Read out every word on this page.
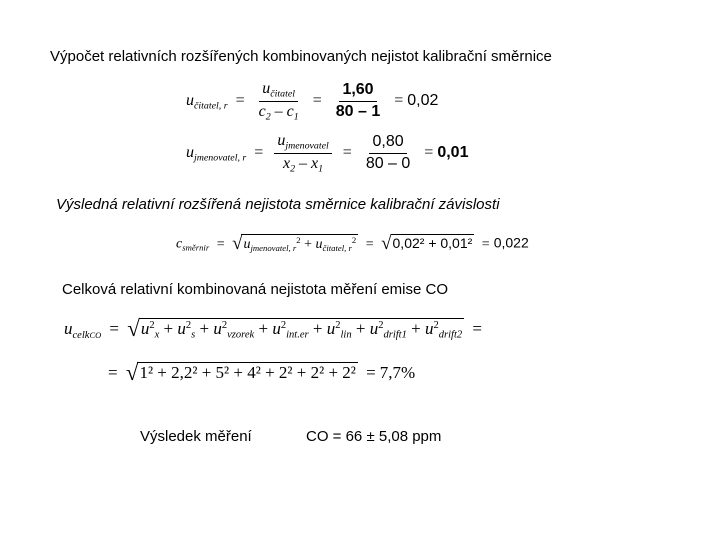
Výpočet relativních rozšířených kombinovaných nejistot kalibrační směrnice
$u_{čitatel, r} = \frac{u_{čitatel}}{c_2 - c_1} = \frac{1,60}{80 - 1} = 0,02$
$u_{jmenovatel, r} = \frac{u_{jmenovatel}}{x_2 - x_1} = \frac{0,80}{80 - 0} = 0,01$
Výsledná relativní rozšířená nejistota směrnice kalibrační závislosti
$c_{směrnir} = √u_{jmenovatel, r}^2 + u_{čitatel, r}^2 = √0,02^2 + 0,01^2 = 0,022$
Celková relativní kombinovaná nejistota měření emise CO
$u_{celkCO} = √u^2_x + u^2_s + u^2_{vzorek} + u^2_{int.er} + u^2_{lin} + u^2_{drift1} + u^2_{drift2}$ =
= √1² + 2,2² + 5² + 4² + 2² + 2² + 2² = 7,7%
Výsledek měření	CO = 66 ± 5,08 ppm
